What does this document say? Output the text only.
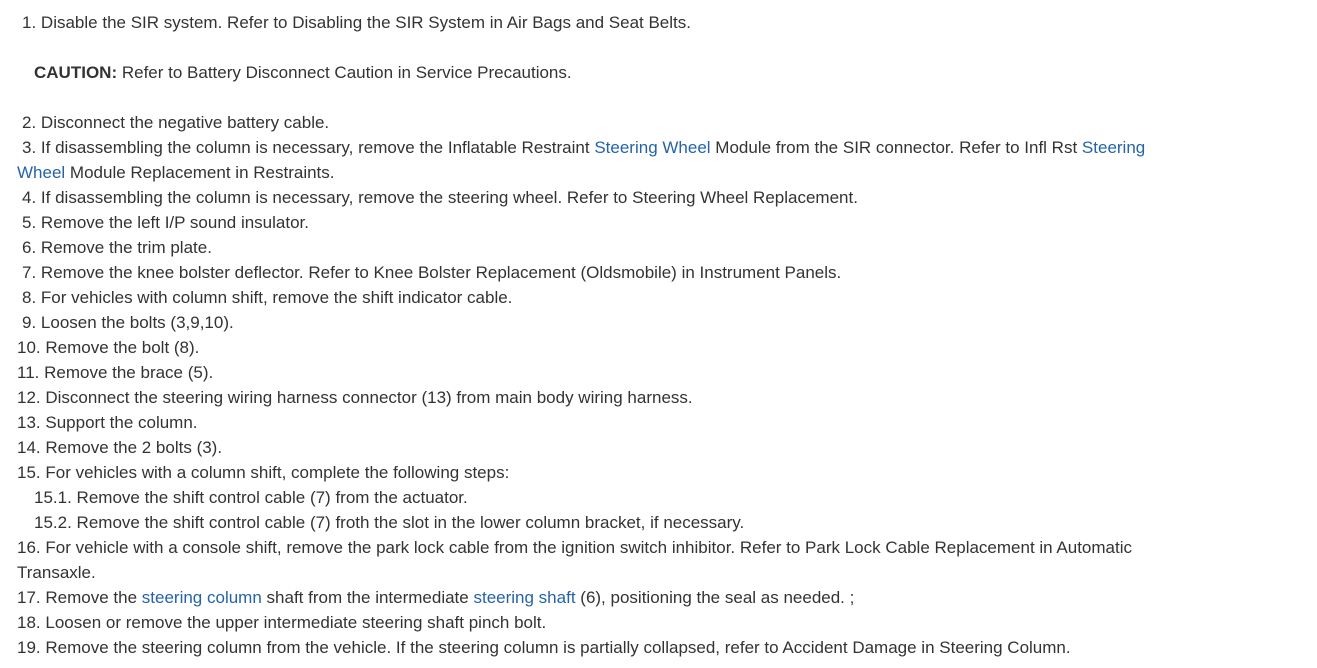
1. Disable the SIR system. Refer to Disabling the SIR System in Air Bags and Seat Belts.
CAUTION: Refer to Battery Disconnect Caution in Service Precautions.
2. Disconnect the negative battery cable.
3. If disassembling the column is necessary, remove the Inflatable Restraint Steering Wheel Module from the SIR connector. Refer to Infl Rst Steering Wheel Module Replacement in Restraints.
4. If disassembling the column is necessary, remove the steering wheel. Refer to Steering Wheel Replacement.
5. Remove the left I/P sound insulator.
6. Remove the trim plate.
7. Remove the knee bolster deflector. Refer to Knee Bolster Replacement (Oldsmobile) in Instrument Panels.
8. For vehicles with column shift, remove the shift indicator cable.
9. Loosen the bolts (3,9,10).
10. Remove the bolt (8).
11. Remove the brace (5).
12. Disconnect the steering wiring harness connector (13) from main body wiring harness.
13. Support the column.
14. Remove the 2 bolts (3).
15. For vehicles with a column shift, complete the following steps:
15.1. Remove the shift control cable (7) from the actuator.
15.2. Remove the shift control cable (7) froth the slot in the lower column bracket, if necessary.
16. For vehicle with a console shift, remove the park lock cable from the ignition switch inhibitor. Refer to Park Lock Cable Replacement in Automatic Transaxle.
17. Remove the steering column shaft from the intermediate steering shaft (6), positioning the seal as needed. ;
18. Loosen or remove the upper intermediate steering shaft pinch bolt.
19. Remove the steering column from the vehicle. If the steering column is partially collapsed, refer to Accident Damage in Steering Column.
